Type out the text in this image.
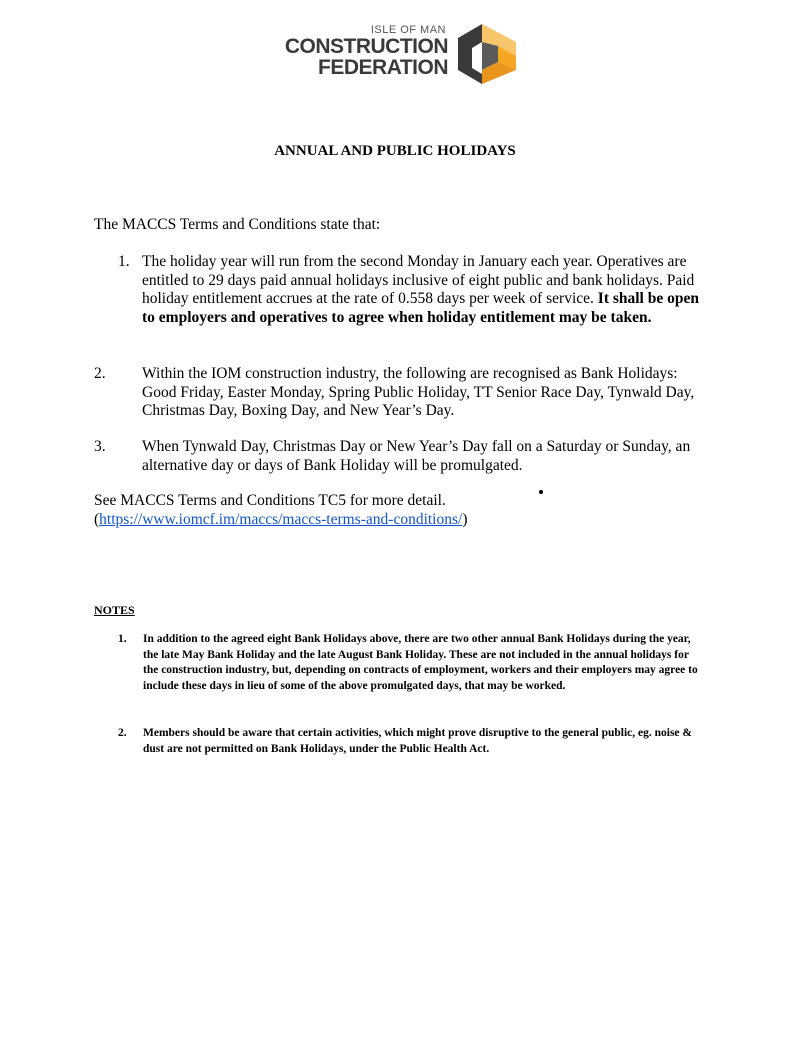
ISLE OF MAN
CONSTRUCTION
FEDERATION
ANNUAL AND PUBLIC HOLIDAYS
The MACCS Terms and Conditions state that:
1. The holiday year will run from the second Monday in January each year. Operatives are entitled to 29 days paid annual holidays inclusive of eight public and bank holidays. Paid holiday entitlement accrues at the rate of 0.558 days per week of service. It shall be open to employers and operatives to agree when holiday entitlement may be taken.
2. Within the IOM construction industry, the following are recognised as Bank Holidays: Good Friday, Easter Monday, Spring Public Holiday, TT Senior Race Day, Tynwald Day, Christmas Day, Boxing Day, and New Year’s Day.
3. When Tynwald Day, Christmas Day or New Year’s Day fall on a Saturday or Sunday, an alternative day or days of Bank Holiday will be promulgated.
See MACCS Terms and Conditions TC5 for more detail.
(https://www.iomcf.im/maccs/maccs-terms-and-conditions/)
NOTES
1. In addition to the agreed eight Bank Holidays above, there are two other annual Bank Holidays during the year, the late May Bank Holiday and the late August Bank Holiday. These are not included in the annual holidays for the construction industry, but, depending on contracts of employment, workers and their employers may agree to include these days in lieu of some of the above promulgated days, that may be worked.
2. Members should be aware that certain activities, which might prove disruptive to the general public, eg. noise & dust are not permitted on Bank Holidays, under the Public Health Act.
